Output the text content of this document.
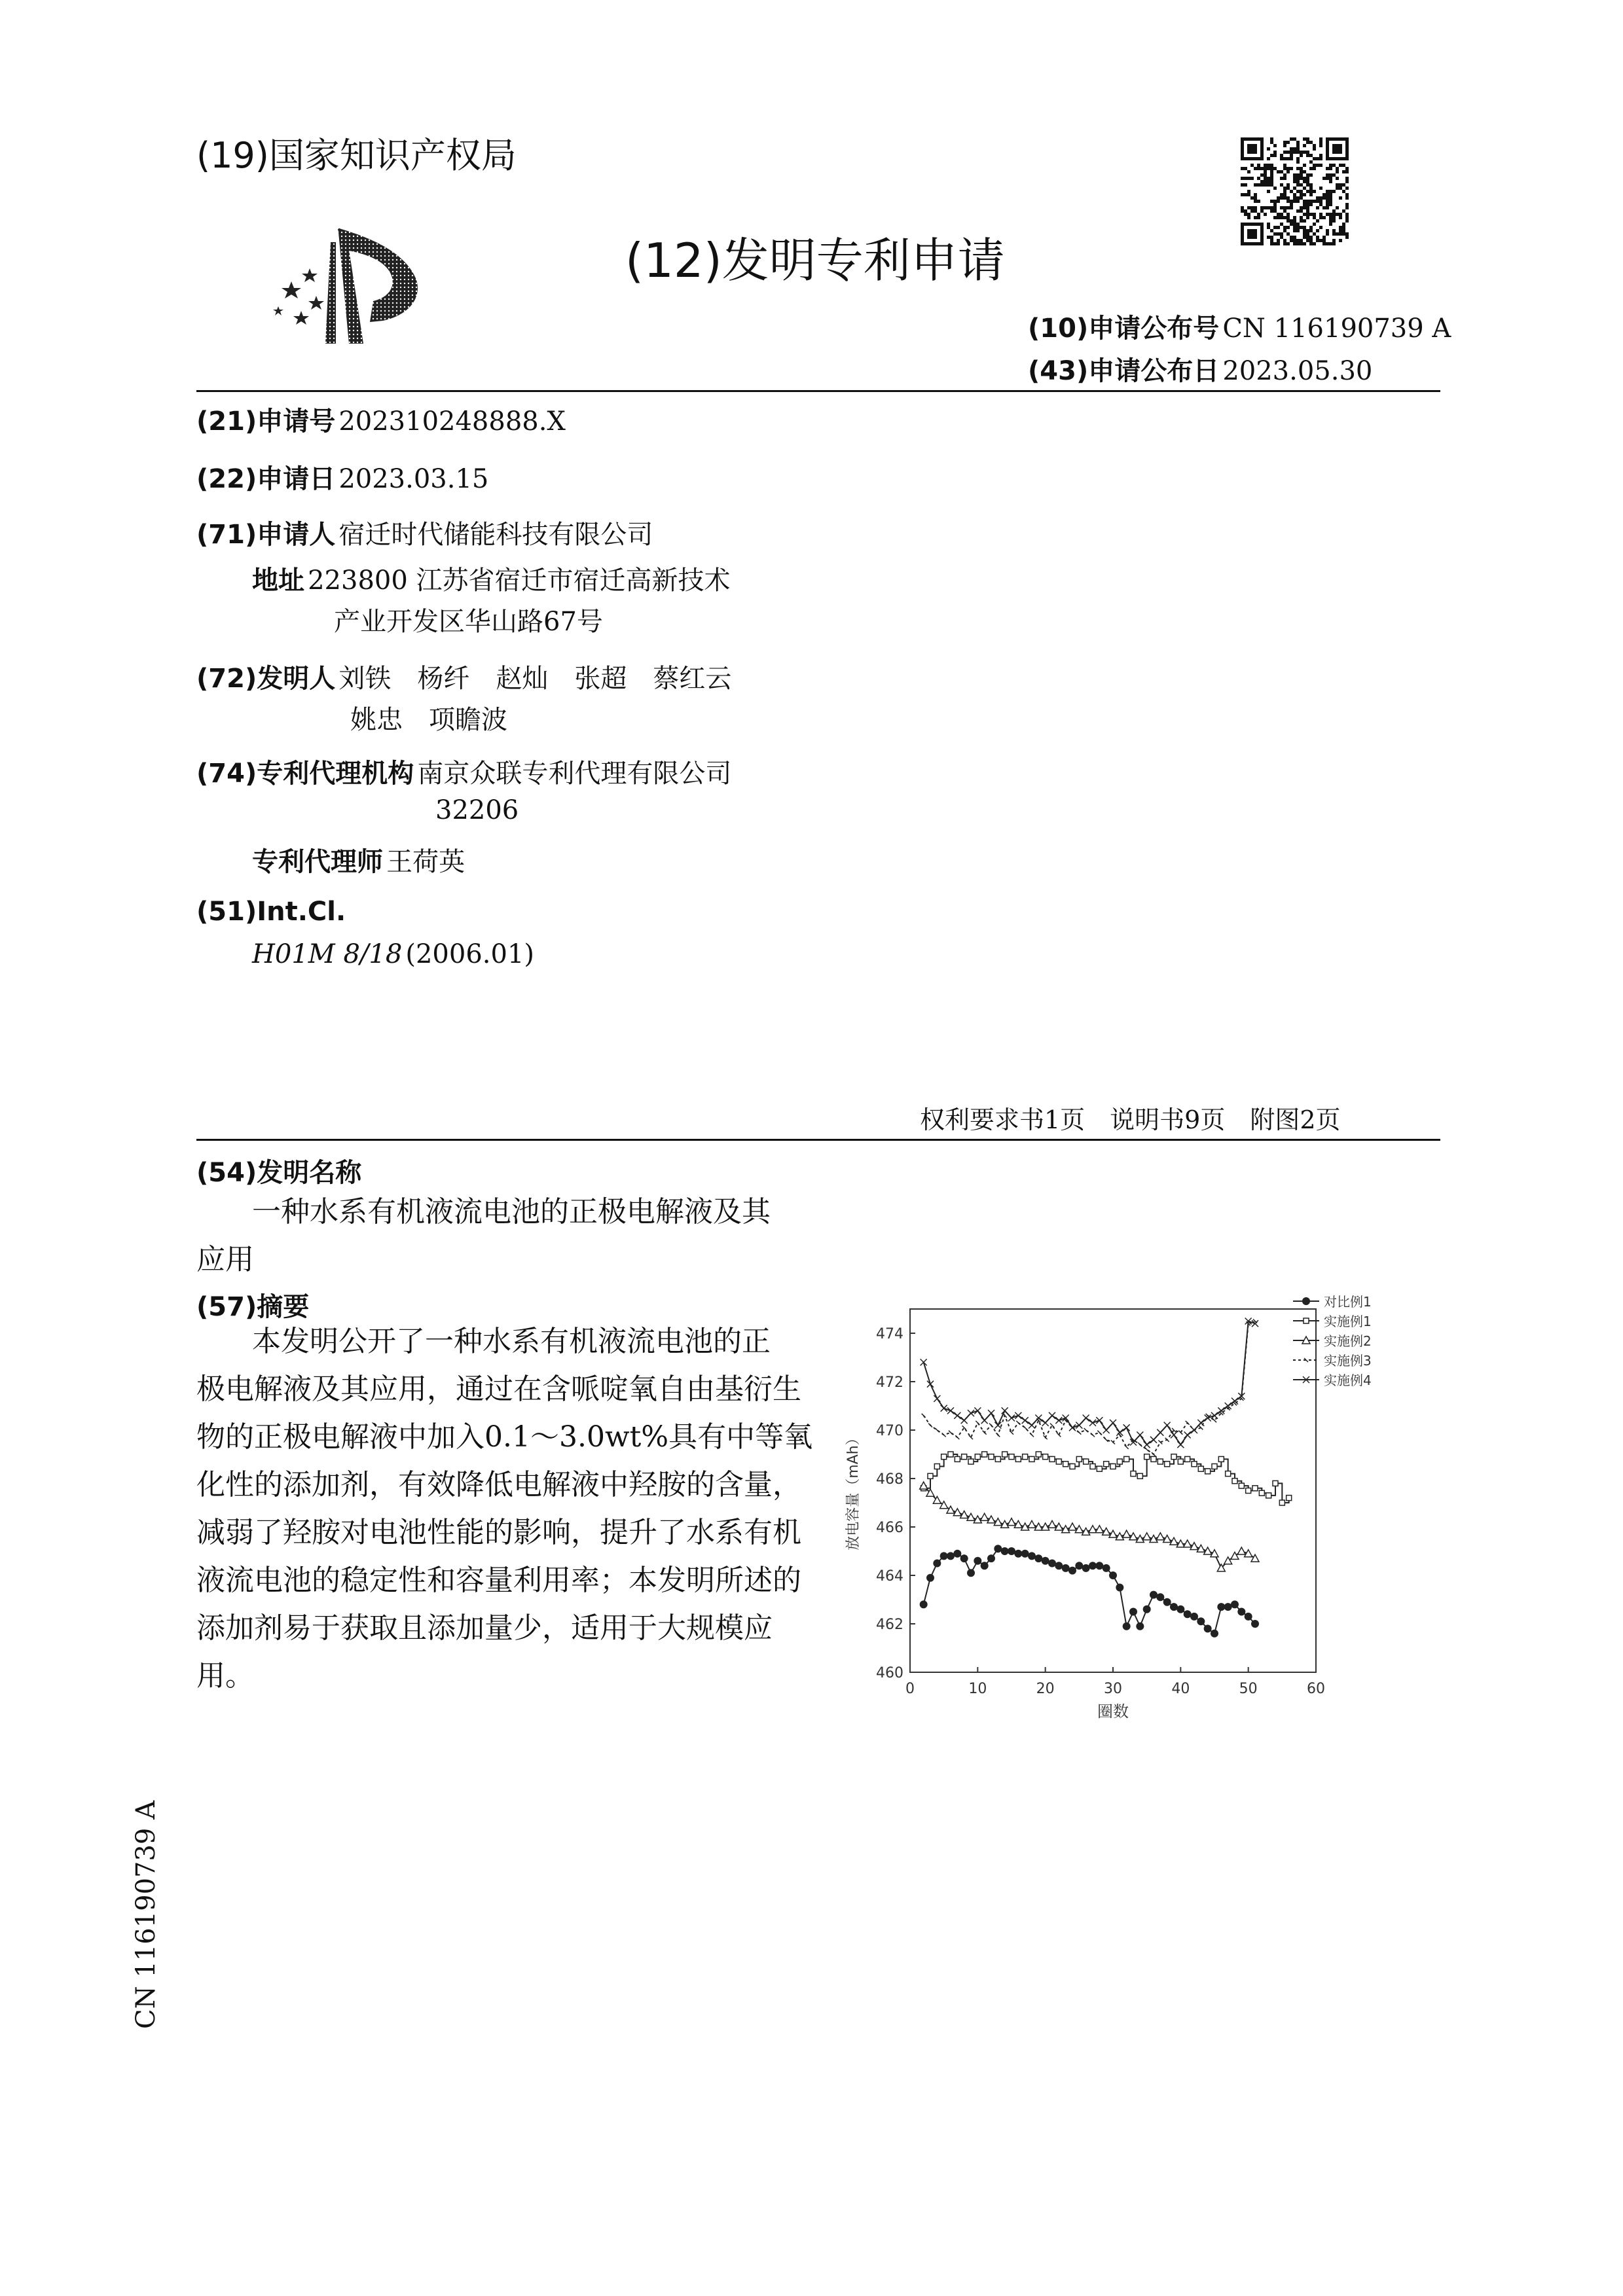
(19)国家知识产权局
(12)发明专利申请
(10)申请公布号 CN 116190739 A
(43)申请公布日 2023.05.30
(21)申请号 202310248888.X
(22)申请日 2023.03.15
(71)申请人 宿迁时代储能科技有限公司
地址 223800 江苏省宿迁市宿迁高新技术
产业开发区华山路67号
(72)发明人 刘铁　杨纤　赵灿　张超　蔡红云
姚忠　项瞻波
(74)专利代理机构 南京众联专利代理有限公司
32206
专利代理师 王荷英
(51)Int.Cl.
H01M 8/18 (2006.01)
权利要求书1页　说明书9页　附图2页
(54)发明名称
一种水系有机液流电池的正极电解液及其
应用
(57)摘要
本发明公开了一种水系有机液流电池的正
极电解液及其应用，通过在含哌啶氧自由基衍生
物的正极电解液中加入0.1～3.0wt%具有中等氧
化性的添加剂，有效降低电解液中羟胺的含量，
减弱了羟胺对电池性能的影响，提升了水系有机
液流电池的稳定性和容量利用率；本发明所述的
添加剂易于获取且添加量少，适用于大规模应
用。	0	10	20	30	40	50	60
460
462
464
466
468
470
472
474
圈数
放电容量（mAh）
对比例1
实施例1
实施例2
实施例3
实施例4
CN 116190739 A
